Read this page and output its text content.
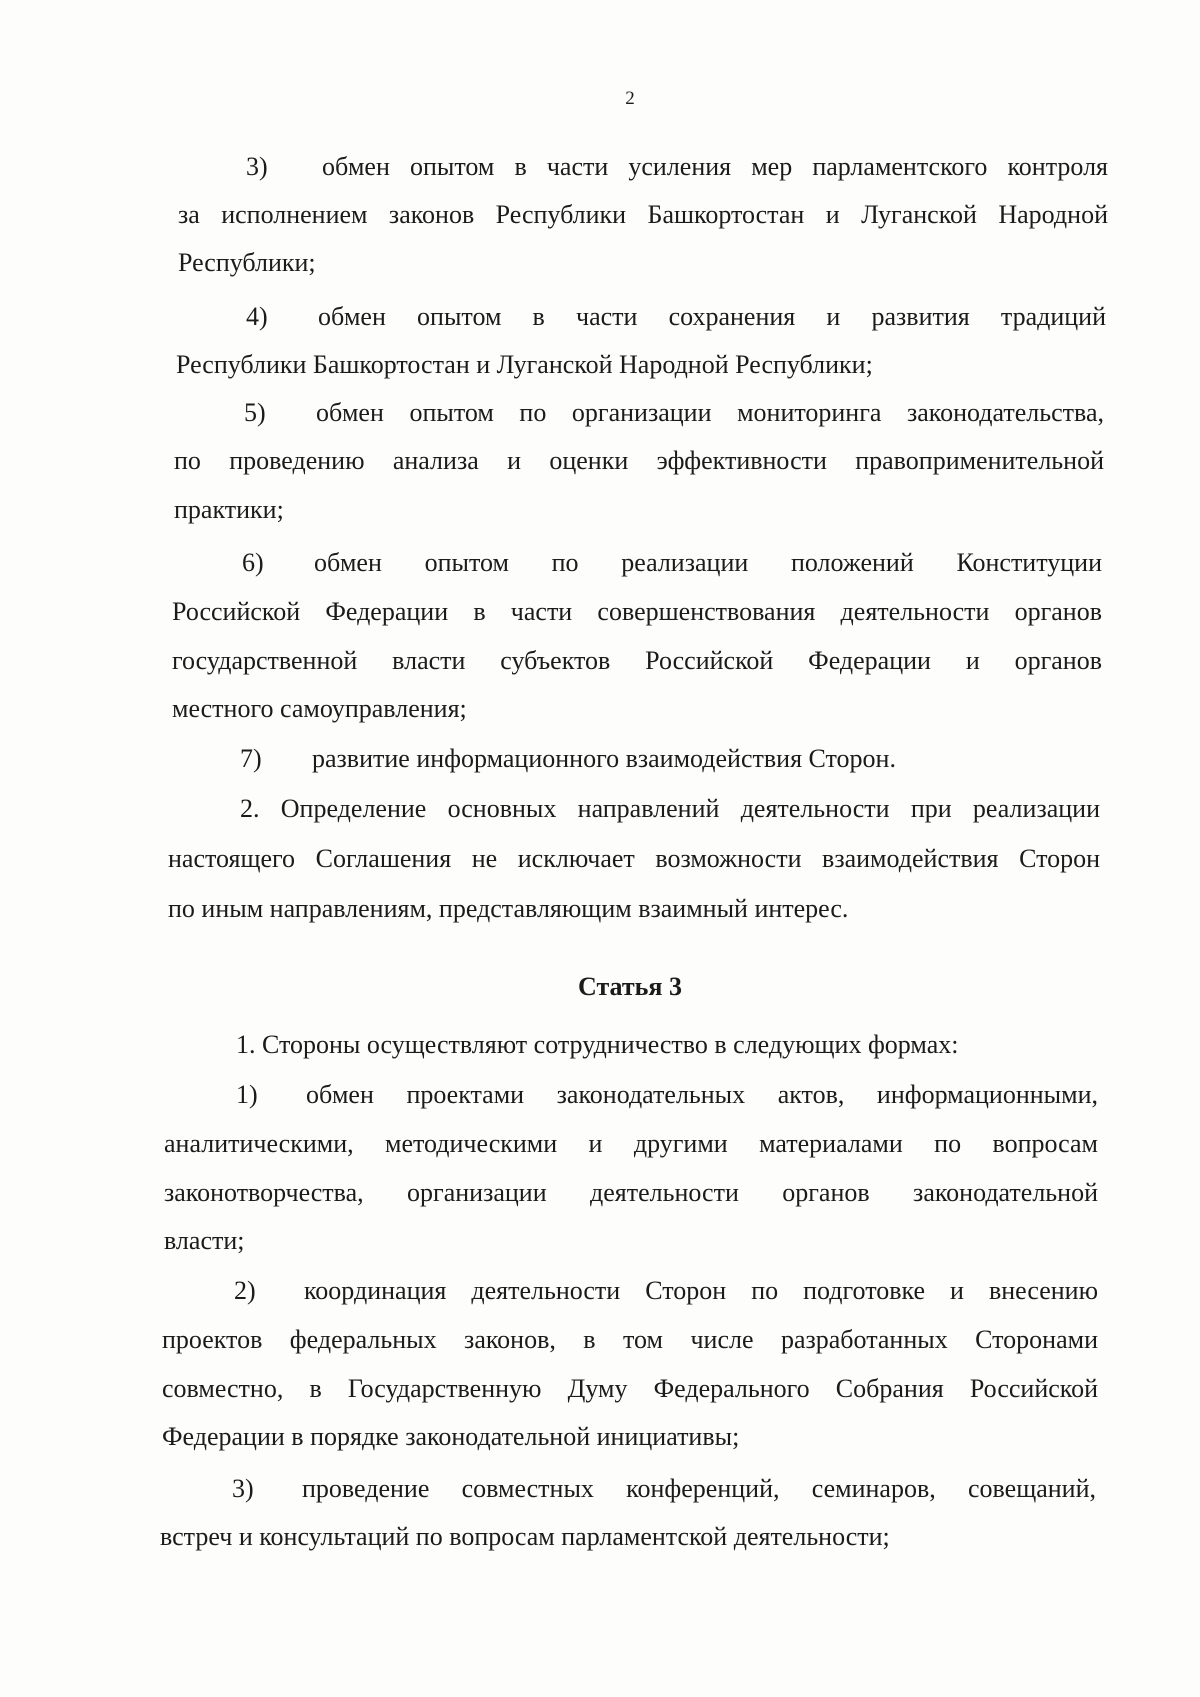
2
3) обмен опытом в части усиления мер парламентского контроля
за исполнением законов Республики Башкортостан и Луганской Народной
Республики;
4) обмен опытом в части сохранения и развития традиций
Республики Башкортостан и Луганской Народной Республики;
5) обмен опытом по организации мониторинга законодательства,
по проведению анализа и оценки эффективности правоприменительной
практики;
6) обмен опытом по реализации положений Конституции
Российской Федерации в части совершенствования деятельности органов
государственной власти субъектов Российской Федерации и органов
местного самоуправления;
7) развитие информационного взаимодействия Сторон.
2. Определение основных направлений деятельности при реализации
настоящего Соглашения не исключает возможности взаимодействия Сторон
по иным направлениям, представляющим взаимный интерес.
Статья 3
1. Стороны осуществляют сотрудничество в следующих формах:
1) обмен проектами законодательных актов, информационными,
аналитическими, методическими и другими материалами по вопросам
законотворчества, организации деятельности органов законодательной
власти;
2) координация деятельности Сторон по подготовке и внесению
проектов федеральных законов, в том числе разработанных Сторонами
совместно, в Государственную Думу Федерального Собрания Российской
Федерации в порядке законодательной инициативы;
3) проведение совместных конференций, семинаров, совещаний,
встреч и консультаций по вопросам парламентской деятельности;
